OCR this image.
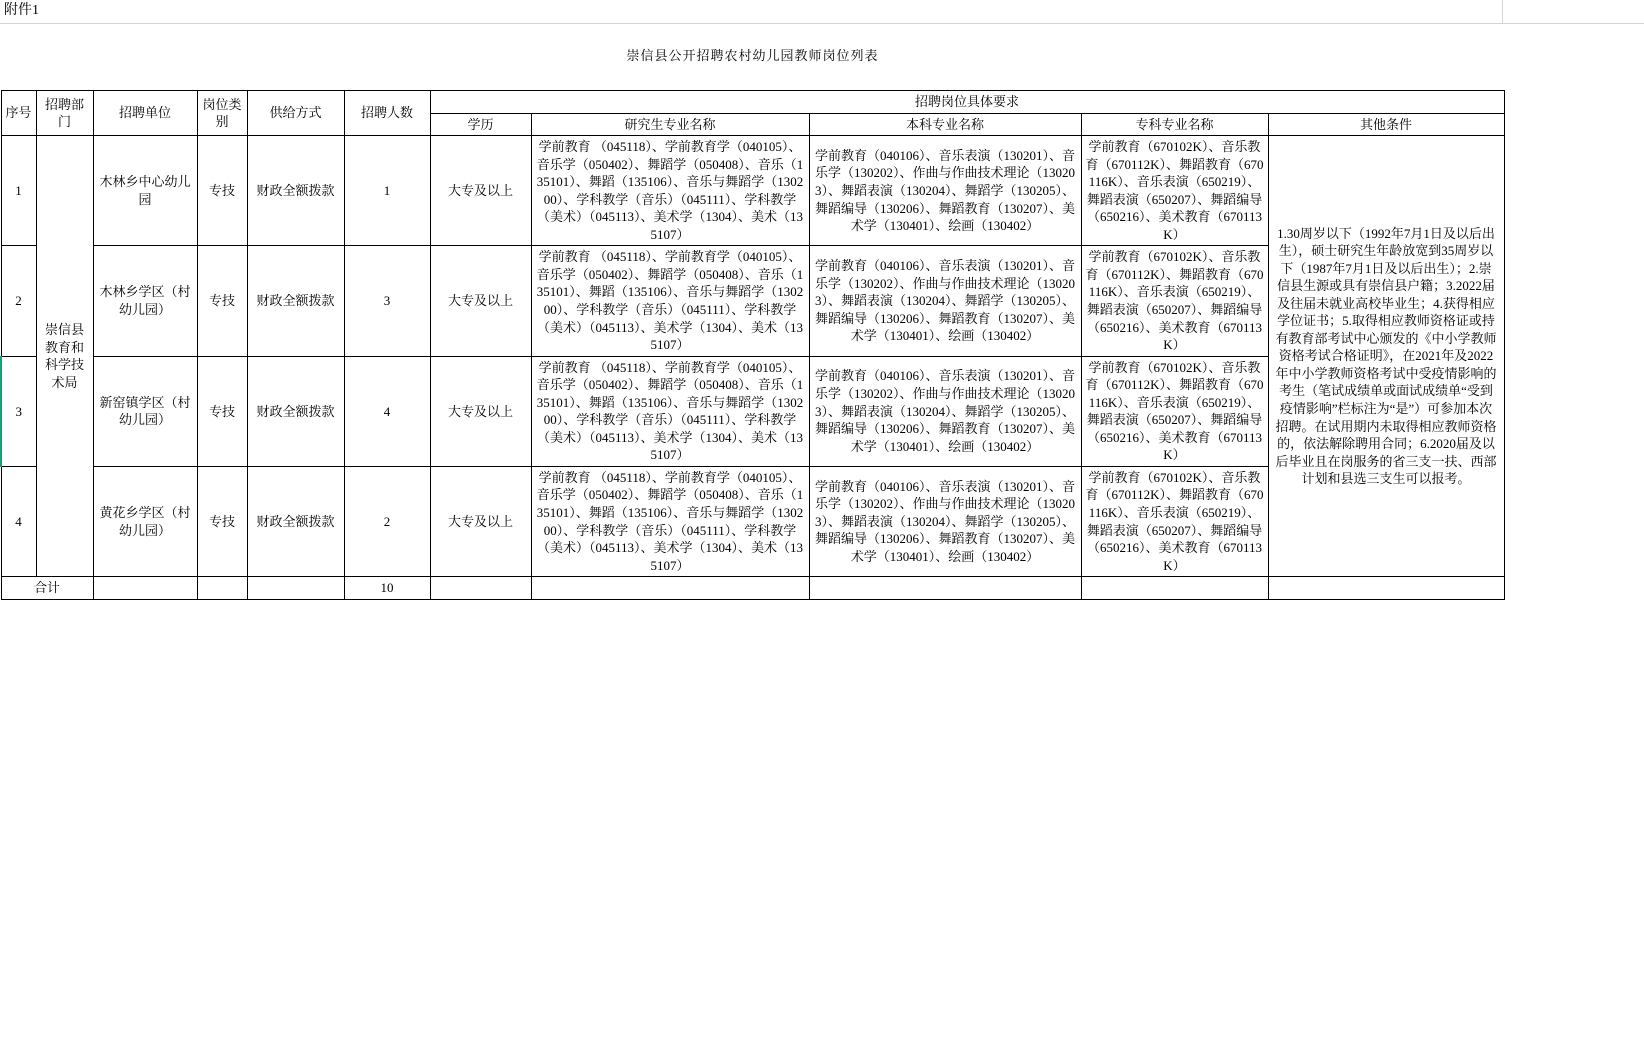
附件1
崇信县公开招聘农村幼儿园教师岗位列表											
序号	招聘部门	招聘单位	岗位类别	供给方式	招聘人数	招聘岗位具体要求					
						学历	研究生专业名称	本科专业名称	专科专业名称	其他条件	
1	崇信县教育和科学技术局	木林乡中心幼儿园	专技	财政全额拨款	1	大专及以上	学前教育 （045118）、学前教育学（040105）、音乐学（050402）、舞蹈学（050408）、音乐（135101）、舞蹈（135106）、音乐与舞蹈学（130200）、学科教学（音乐）（045111）、学科教学（美术）（045113）、美术学（1304）、美术（135107）	学前教育（040106）、音乐表演（130201）、音乐学（130202）、作曲与作曲技术理论（130203）、舞蹈表演（130204）、舞蹈学（130205）、舞蹈编导（130206）、舞蹈教育（130207）、美术学（130401）、绘画（130402）	学前教育（670102K）、音乐教育（670112K）、舞蹈教育（670116K）、音乐表演（650219）、舞蹈表演（650207）、舞蹈编导（650216）、美术教育（670113K）	1.30周岁以下（1992年7月1日及以后出生），硕士研究生年龄放宽到35周岁以下（1987年7月1日及以后出生）；2.崇信县生源或具有崇信县户籍；3.2022届及往届未就业高校毕业生；4.获得相应学位证书；5.取得相应教师资格证或持有教育部考试中心颁发的《中小学教师资格考试合格证明》，在2021年及2022年中小学教师资格考试中受疫情影响的考生（笔试成绩单或面试成绩单“受到疫情影响”栏标注为“是”）可参加本次招聘。在试用期内未取得相应教师资格的，依法解除聘用合同；6.2020届及以后毕业且在岗服务的省三支一扶、西部计划和县选三支生可以报考。	
2		木林乡学区（村幼儿园）	专技	财政全额拨款	3	大专及以上	学前教育 （045118）、学前教育学（040105）、音乐学（050402）、舞蹈学（050408）、音乐（135101）、舞蹈（135106）、音乐与舞蹈学（130200）、学科教学（音乐）（045111）、学科教学（美术）（045113）、美术学（1304）、美术（135107）	学前教育（040106）、音乐表演（130201）、音乐学（130202）、作曲与作曲技术理论（130203）、舞蹈表演（130204）、舞蹈学（130205）、舞蹈编导（130206）、舞蹈教育（130207）、美术学（130401）、绘画（130402）	学前教育（670102K）、音乐教育（670112K）、舞蹈教育（670116K）、音乐表演（650219）、舞蹈表演（650207）、舞蹈编导（650216）、美术教育（670113K）		
3		新窑镇学区（村幼儿园）	专技	财政全额拨款	4	大专及以上	学前教育 （045118）、学前教育学（040105）、音乐学（050402）、舞蹈学（050408）、音乐（135101）、舞蹈（135106）、音乐与舞蹈学（130200）、学科教学（音乐）（045111）、学科教学（美术）（045113）、美术学（1304）、美术（135107）	学前教育（040106）、音乐表演（130201）、音乐学（130202）、作曲与作曲技术理论（130203）、舞蹈表演（130204）、舞蹈学（130205）、舞蹈编导（130206）、舞蹈教育（130207）、美术学（130401）、绘画（130402）	学前教育（670102K）、音乐教育（670112K）、舞蹈教育（670116K）、音乐表演（650219）、舞蹈表演（650207）、舞蹈编导（650216）、美术教育（670113K）		
4		黄花乡学区（村幼儿园）	专技	财政全额拨款	2	大专及以上	学前教育 （045118）、学前教育学（040105）、音乐学（050402）、舞蹈学（050408）、音乐（135101）、舞蹈（135106）、音乐与舞蹈学（130200）、学科教学（音乐）（045111）、学科教学（美术）（045113）、美术学（1304）、美术（135107）	学前教育（040106）、音乐表演（130201）、音乐学（130202）、作曲与作曲技术理论（130203）、舞蹈表演（130204）、舞蹈学（130205）、舞蹈编导（130206）、舞蹈教育（130207）、美术学（130401）、绘画（130402）	学前教育（670102K）、音乐教育（670112K）、舞蹈教育（670116K）、音乐表演（650219）、舞蹈表演（650207）、舞蹈编导（650216）、美术教育（670113K）		
合计					10						
